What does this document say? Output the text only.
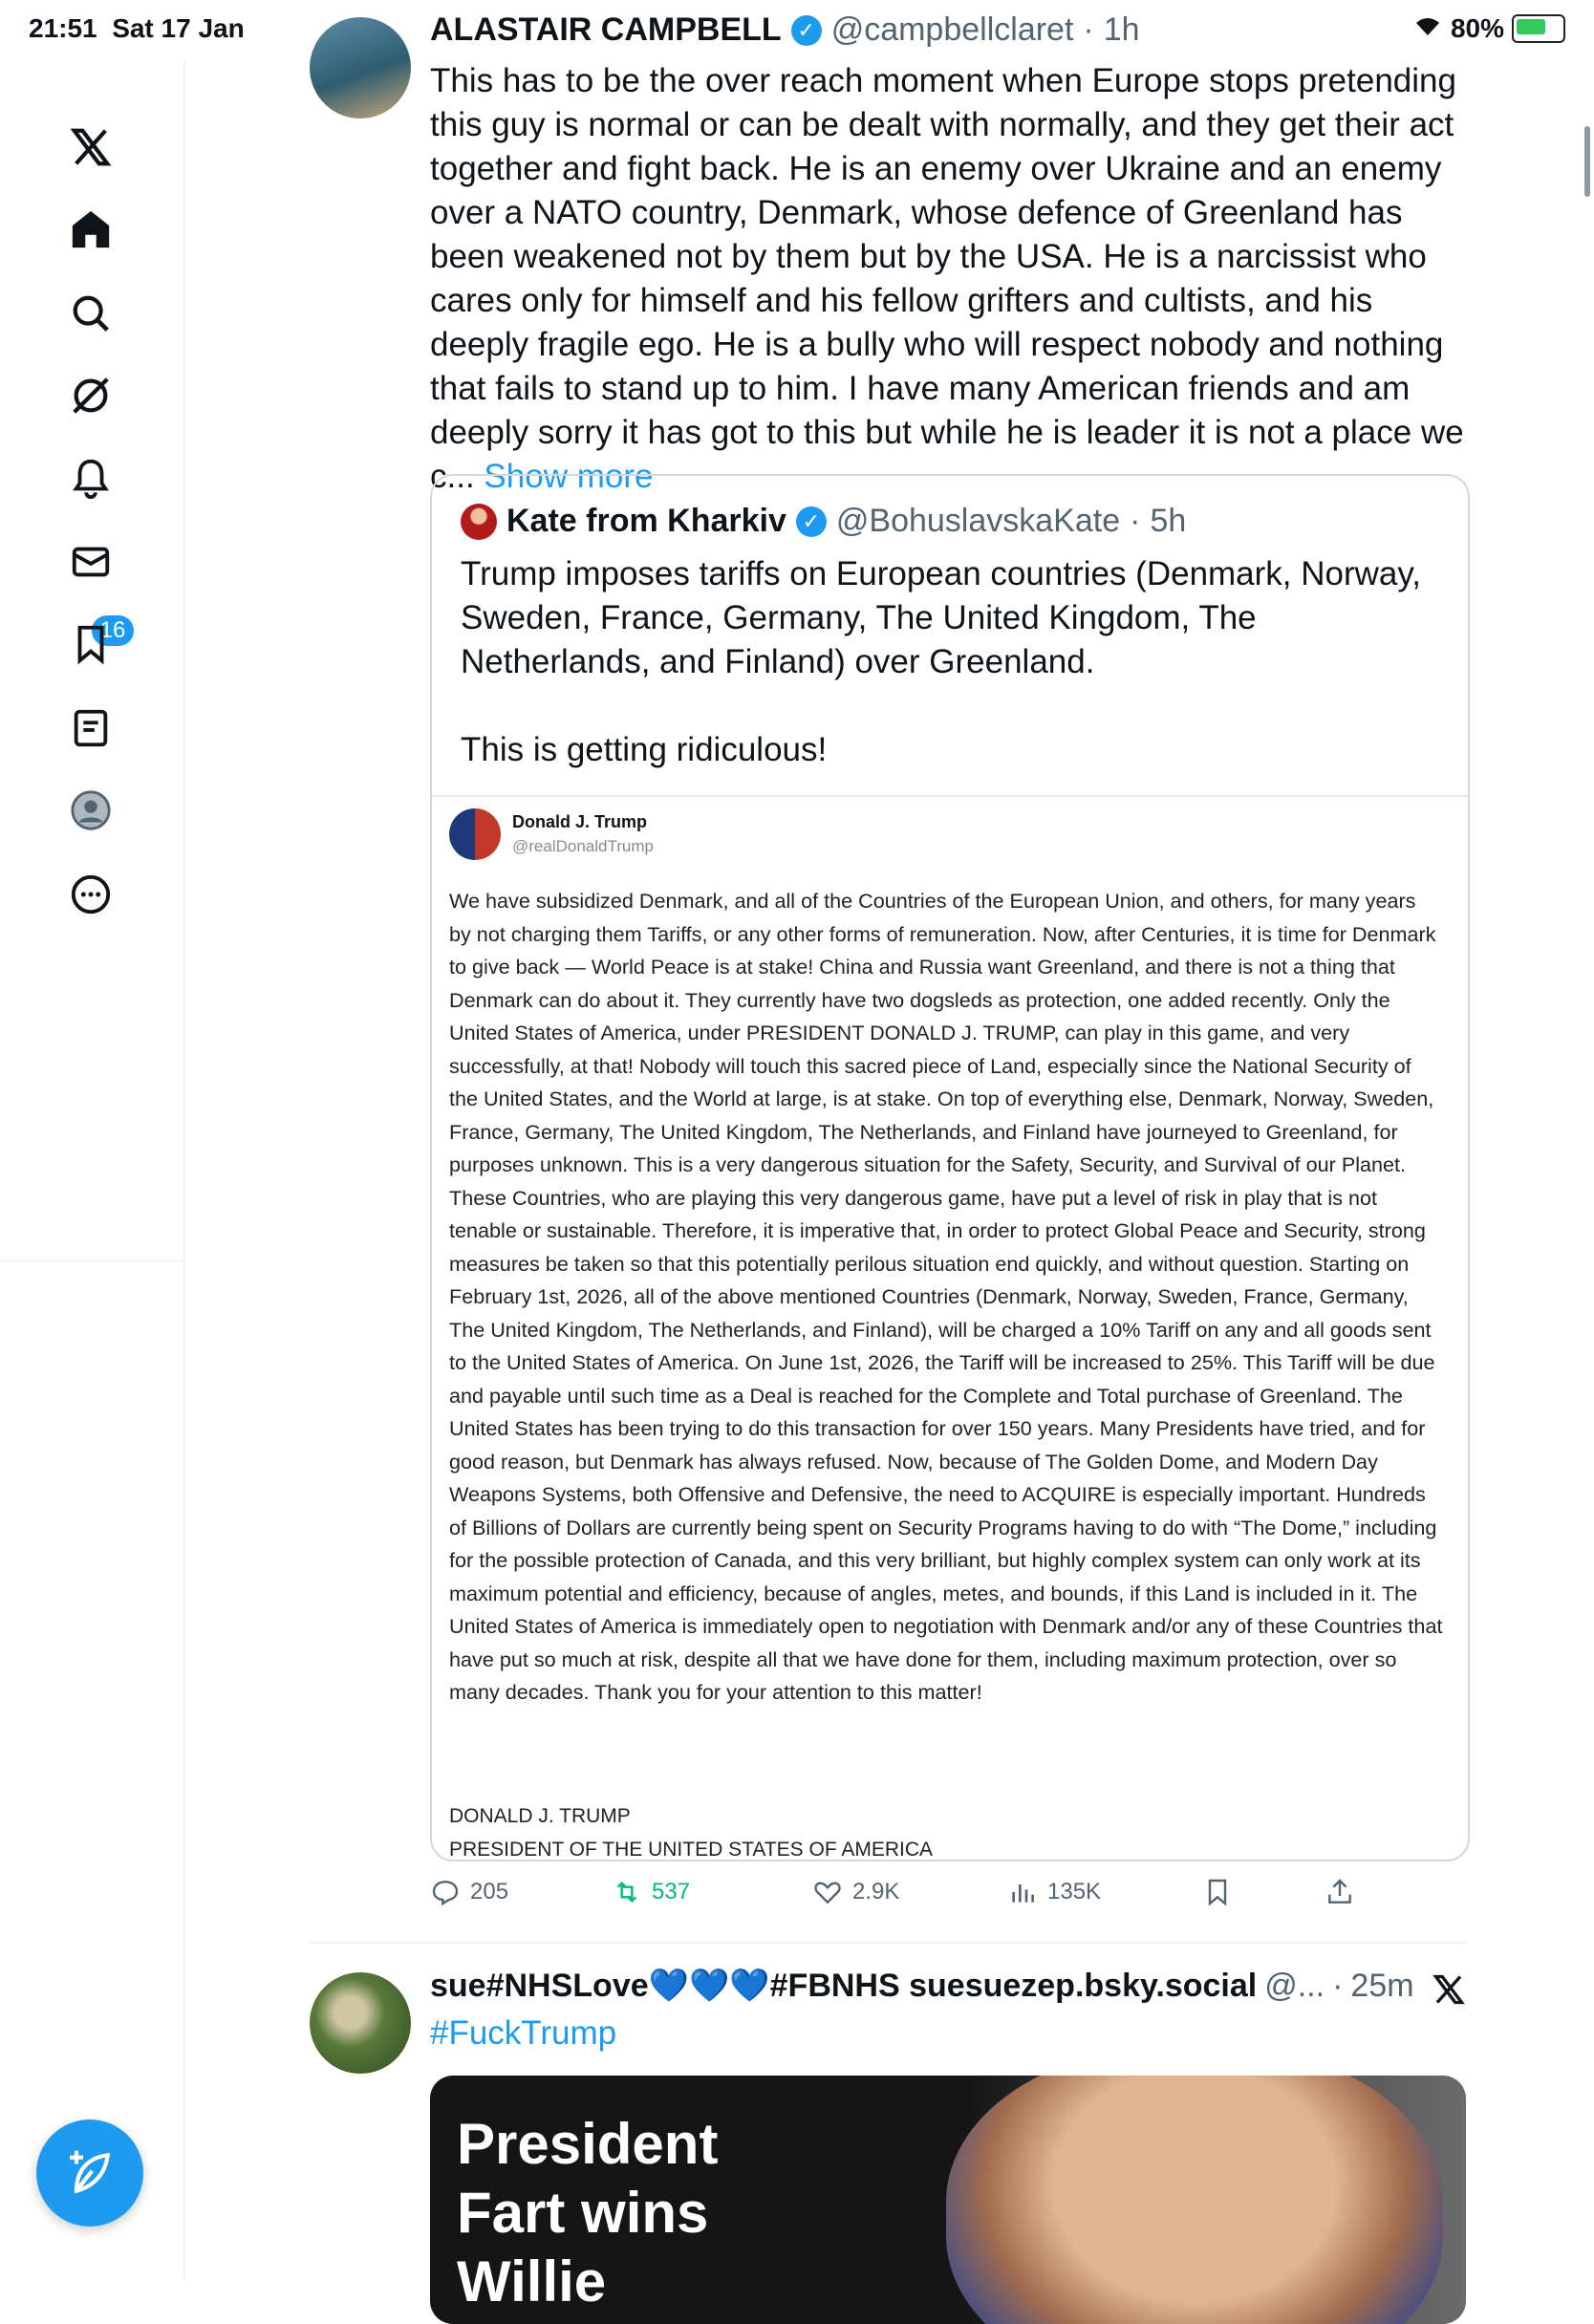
21:51 Sat 17 Jan	80%
16
ALASTAIR CAMPBELL ✓ @campbellclaret · 1h
This has to be the over reach moment when Europe stops pretending this guy is normal or can be dealt with normally, and they get their act together and fight back. He is an enemy over Ukraine and an enemy over a NATO country, Denmark, whose defence of Greenland has been weakened not by them but by the USA. He is a narcissist who cares only for himself and his fellow grifters and cultists, and his deeply fragile ego. He is a bully who will respect nobody and nothing that fails to stand up to him. I have many American friends and am deeply sorry it has got to this but while he is leader it is not a place we c... Show more
Kate from Kharkiv ✓ @BohuslavskaKate · 5h
Trump imposes tariffs on European countries (Denmark, Norway, Sweden, France, Germany, The United Kingdom, The Netherlands, and Finland) over Greenland.

This is getting ridiculous!
Donald J. Trump
@realDonaldTrump
We have subsidized Denmark, and all of the Countries of the European Union, and others, for many years by not charging them Tariffs, or any other forms of remuneration. Now, after Centuries, it is time for Denmark to give back — World Peace is at stake! China and Russia want Greenland, and there is not a thing that Denmark can do about it. They currently have two dogsleds as protection, one added recently. Only the United States of America, under PRESIDENT DONALD J. TRUMP, can play in this game, and very successfully, at that! Nobody will touch this sacred piece of Land, especially since the National Security of the United States, and the World at large, is at stake. On top of everything else, Denmark, Norway, Sweden, France, Germany, The United Kingdom, The Netherlands, and Finland have journeyed to Greenland, for purposes unknown. This is a very dangerous situation for the Safety, Security, and Survival of our Planet. These Countries, who are playing this very dangerous game, have put a level of risk in play that is not tenable or sustainable. Therefore, it is imperative that, in order to protect Global Peace and Security, strong measures be taken so that this potentially perilous situation end quickly, and without question. Starting on February 1st, 2026, all of the above mentioned Countries (Denmark, Norway, Sweden, France, Germany, The United Kingdom, The Netherlands, and Finland), will be charged a 10% Tariff on any and all goods sent to the United States of America. On June 1st, 2026, the Tariff will be increased to 25%. This Tariff will be due and payable until such time as a Deal is reached for the Complete and Total purchase of Greenland. The United States has been trying to do this transaction for over 150 years. Many Presidents have tried, and for good reason, but Denmark has always refused. Now, because of The Golden Dome, and Modern Day Weapons Systems, both Offensive and Defensive, the need to ACQUIRE is especially important. Hundreds of Billions of Dollars are currently being spent on Security Programs having to do with “The Dome,” including for the possible protection of Canada, and this very brilliant, but highly complex system can only work at its maximum potential and efficiency, because of angles, metes, and bounds, if this Land is included in it. The United States of America is immediately open to negotiation with Denmark and/or any of these Countries that have put so much at risk, despite all that we have done for them, including maximum protection, over so many decades. Thank you for your attention to this matter!
DONALD J. TRUMP
PRESIDENT OF THE UNITED STATES OF AMERICA
205	537	2.9K	135K
sue#NHSLove💙💙💙#FBNHS suesuezep.bsky.social @... · 25m
#FuckTrump
President
Fart wins
Willie
